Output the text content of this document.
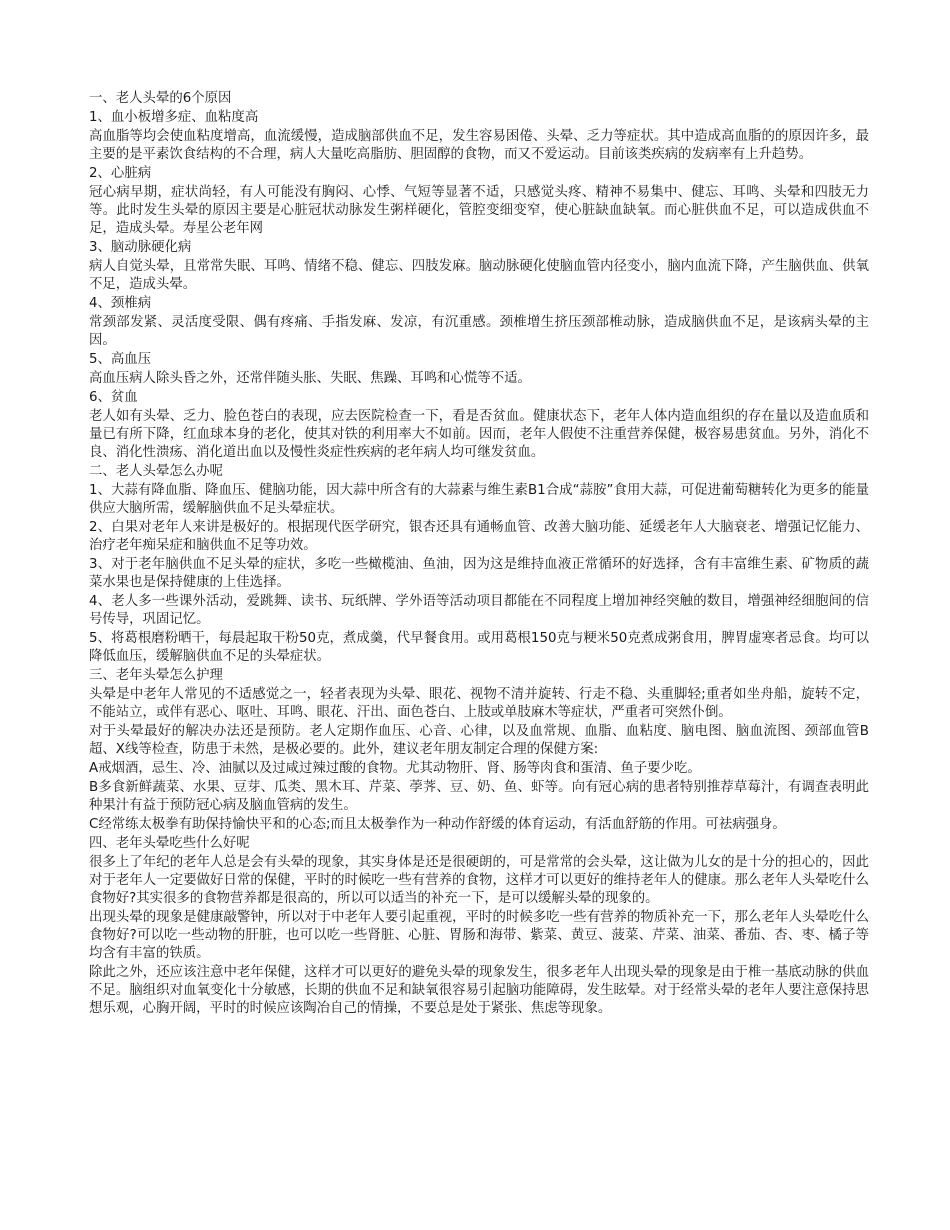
一、老人头晕的6个原因
1、血小板增多症、血粘度高
高血脂等均会使血粘度增高，血流缓慢，造成脑部供血不足，发生容易困倦、头晕、乏力等症状。其中造成高血脂的的原因许多，最主要的是平素饮食结构的不合理，病人大量吃高脂肪、胆固醇的食物，而又不爱运动。目前该类疾病的发病率有上升趋势。
2、心脏病
冠心病早期，症状尚轻，有人可能没有胸闷、心悸、气短等显著不适，只感觉头疼、精神不易集中、健忘、耳鸣、头晕和四肢无力等。此时发生头晕的原因主要是心脏冠状动脉发生粥样硬化，管腔变细变窄，使心脏缺血缺氧。而心脏供血不足，可以造成供血不足，造成头晕。寿星公老年网
3、脑动脉硬化病
病人自觉头晕，且常常失眠、耳鸣、情绪不稳、健忘、四肢发麻。脑动脉硬化使脑血管内径变小，脑内血流下降，产生脑供血、供氧不足，造成头晕。
4、颈椎病
常颈部发紧、灵活度受限、偶有疼痛、手指发麻、发凉，有沉重感。颈椎增生挤压颈部椎动脉，造成脑供血不足，是该病头晕的主因。
5、高血压
高血压病人除头昏之外，还常伴随头胀、失眠、焦躁、耳鸣和心慌等不适。
6、贫血
老人如有头晕、乏力、脸色苍白的表现，应去医院检查一下，看是否贫血。健康状态下，老年人体内造血组织的存在量以及造血质和量已有所下降，红血球本身的老化，使其对铁的利用率大不如前。因而，老年人假使不注重营养保健，极容易患贫血。另外，消化不良、消化性溃疡、消化道出血以及慢性炎症性疾病的老年病人均可继发贫血。
二、老人头晕怎么办呢
1、大蒜有降血脂、降血压、健脑功能，因大蒜中所含有的大蒜素与维生素B1合成“蒜胺”食用大蒜，可促进葡萄糖转化为更多的能量供应大脑所需，缓解脑供血不足头晕症状。
2、白果对老年人来讲是极好的。根据现代医学研究，银杏还具有通畅血管、改善大脑功能、延缓老年人大脑衰老、增强记忆能力、治疗老年痴呆症和脑供血不足等功效。
3、对于老年脑供血不足头晕的症状，多吃一些橄榄油、鱼油，因为这是维持血液正常循环的好选择，含有丰富维生素、矿物质的蔬菜水果也是保持健康的上佳选择。
4、老人多一些课外活动，爱跳舞、读书、玩纸牌、学外语等活动项目都能在不同程度上增加神经突触的数目，增强神经细胞间的信号传导，巩固记忆。
5、将葛根磨粉晒干，每晨起取干粉50克，煮成羹，代早餐食用。或用葛根150克与粳米50克煮成粥食用，脾胃虚寒者忌食。均可以降低血压，缓解脑供血不足的头晕症状。
三、老年头晕怎么护理
头晕是中老年人常见的不适感觉之一，轻者表现为头晕、眼花、视物不清并旋转、行走不稳、头重脚轻;重者如坐舟船，旋转不定，不能站立，或伴有恶心、呕吐、耳鸣、眼花、汗出、面色苍白、上肢或单肢麻木等症状，严重者可突然仆倒。
对于头晕最好的解决办法还是预防。老人定期作血压、心音、心律，以及血常规、血脂、血粘度、脑电图、脑血流图、颈部血管B超、X线等检查，防患于未然，是极必要的。此外，建议老年朋友制定合理的保健方案:
A戒烟酒，忌生、冷、油腻以及过咸过辣过酸的食物。尤其动物肝、肾、肠等肉食和蛋清、鱼子要少吃。
B多食新鲜蔬菜、水果、豆芽、瓜类、黑木耳、芹菜、荸荠、豆、奶、鱼、虾等。向有冠心病的患者特别推荐草莓汁，有调查表明此种果汁有益于预防冠心病及脑血管病的发生。
C经常练太极拳有助保持愉快平和的心态;而且太极拳作为一种动作舒缓的体育运动，有活血舒筋的作用。可祛病强身。
四、老年头晕吃些什么好呢
很多上了年纪的老年人总是会有头晕的现象，其实身体是还是很硬朗的，可是常常的会头晕，这让做为儿女的是十分的担心的，因此对于老年人一定要做好日常的保健，平时的时候吃一些有营养的食物，这样才可以更好的维持老年人的健康。那么老年人头晕吃什么食物好?其实很多的食物营养都是很高的，所以可以适当的补充一下，是可以缓解头晕的现象的。
出现头晕的现象是健康敲警钟，所以对于中老年人要引起重视，平时的时候多吃一些有营养的物质补充一下，那么老年人头晕吃什么食物好?可以吃一些动物的肝脏，也可以吃一些肾脏、心脏、胃肠和海带、紫菜、黄豆、菠菜、芹菜、油菜、番茄、杏、枣、橘子等均含有丰富的铁质。
除此之外，还应该注意中老年保健，这样才可以更好的避免头晕的现象发生，很多老年人出现头晕的现象是由于椎一基底动脉的供血不足。脑组织对血氧变化十分敏感，长期的供血不足和缺氧很容易引起脑功能障碍，发生眩晕。对于经常头晕的老年人要注意保持思想乐观，心胸开阔，平时的时候应该陶冶自己的情操，不要总是处于紧张、焦虑等现象。
